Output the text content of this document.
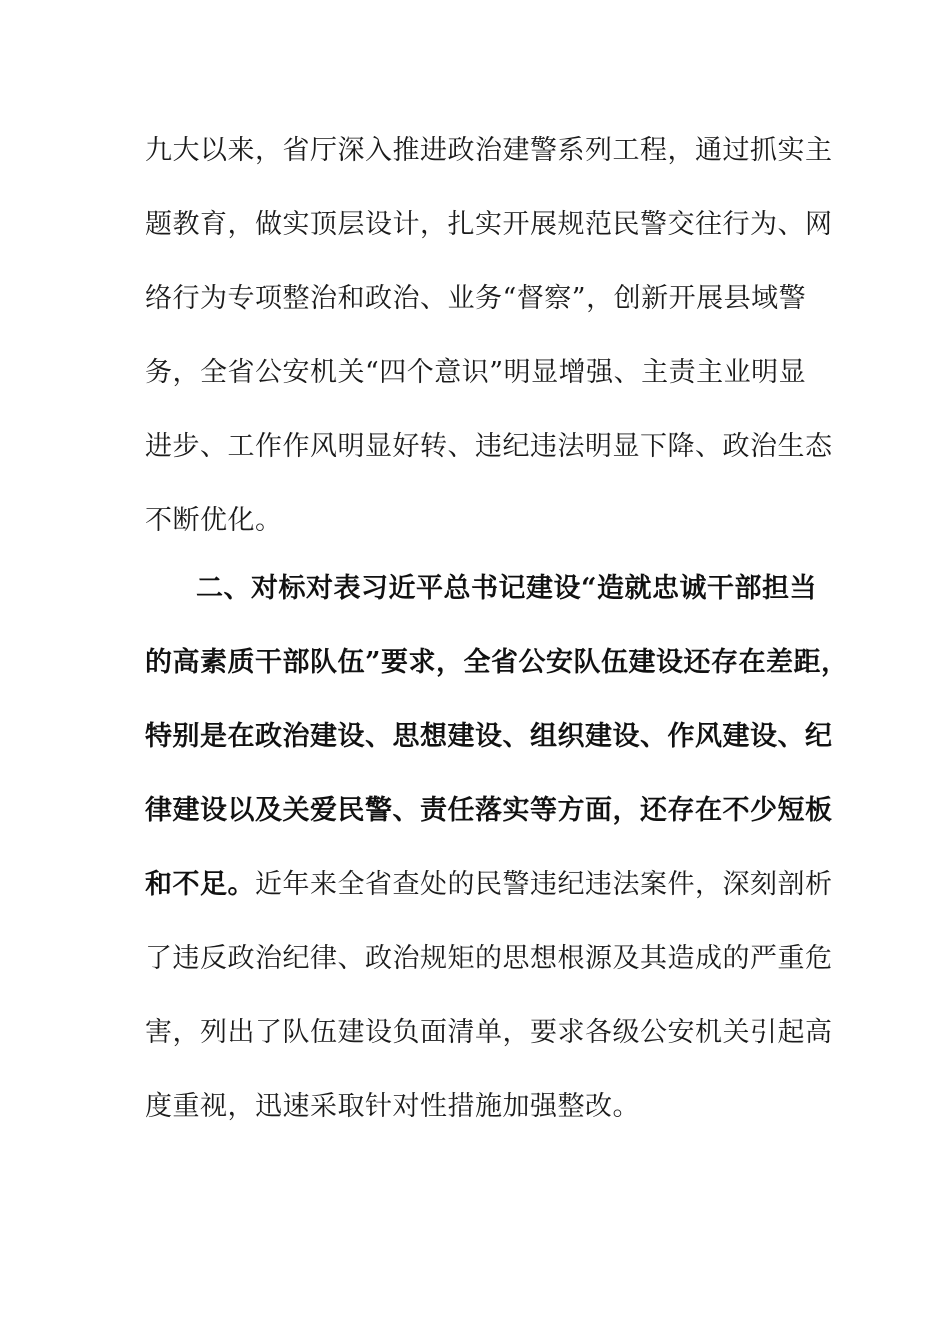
九大以来，省厅深入推进政治建警系列工程，通过抓实主
题教育，做实顶层设计，扎实开展规范民警交往行为、网
络行为专项整治和政治、业务“督察”，创新开展县域警
务，全省公安机关“四个意识”明显增强、主责主业明显
进步、工作作风明显好转、违纪违法明显下降、政治生态
不断优化。
二、对标对表习近平总书记建设“造就忠诚干部担当
的高素质干部队伍”要求，全省公安队伍建设还存在差距，
特别是在政治建设、思想建设、组织建设、作风建设、纪
律建设以及关爱民警、责任落实等方面，还存在不少短板
和不足。近年来全省查处的民警违纪违法案件，深刻剖析
了违反政治纪律、政治规矩的思想根源及其造成的严重危
害，列出了队伍建设负面清单，要求各级公安机关引起高
度重视，迅速采取针对性措施加强整改。
